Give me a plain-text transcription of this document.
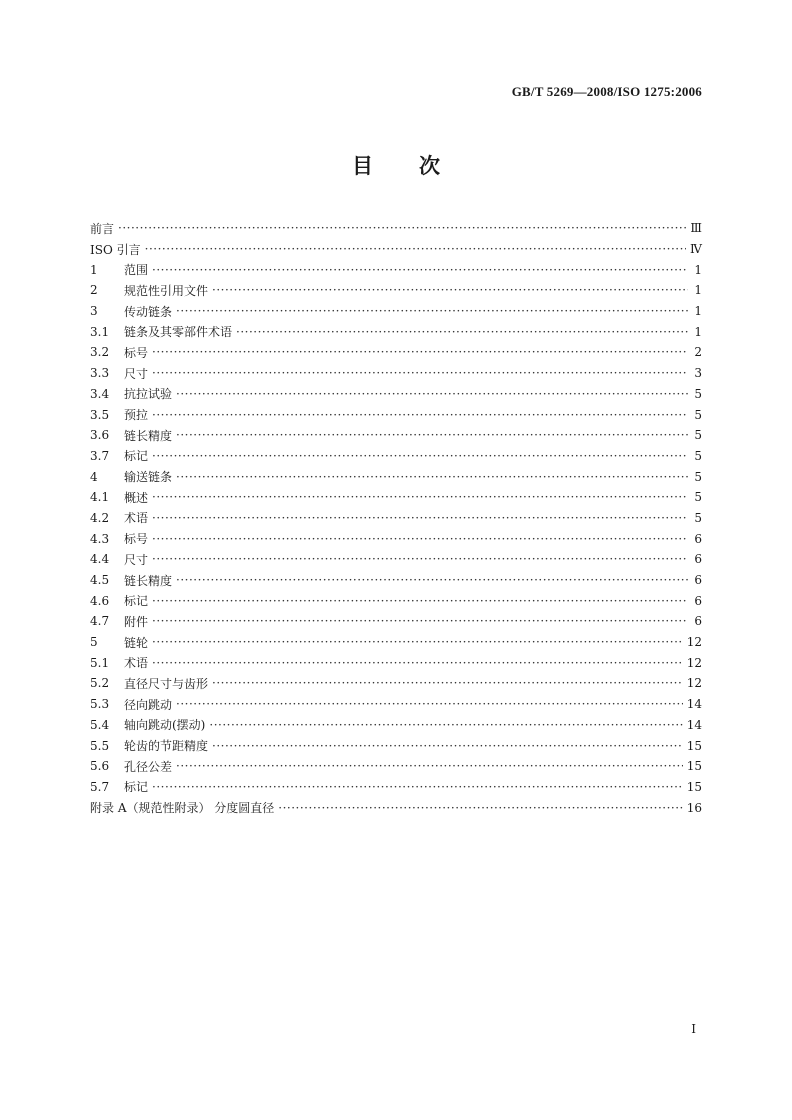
GB/T 5269—2008/ISO 1275:2006
目 次
前言 ·····	Ⅲ
ISO 引言 ·····	Ⅳ
1	范围 ·····	1
2	规范性引用文件 ·····	1
3	传动链条 ·····	1
3.1	链条及其零部件术语 ·····	1
3.2	标号 ·····	2
3.3	尺寸 ·····	3
3.4	抗拉试验 ·····	5
3.5	预拉 ·····	5
3.6	链长精度 ·····	5
3.7	标记 ·····	5
4	输送链条 ·····	5
4.1	概述 ·····	5
4.2	术语 ·····	5
4.3	标号 ·····	6
4.4	尺寸 ·····	6
4.5	链长精度 ·····	6
4.6	标记 ·····	6
4.7	附件 ·····	6
5	链轮 ·····	12
5.1	术语 ·····	12
5.2	直径尺寸与齿形 ·····	12
5.3	径向跳动 ·····	14
5.4	轴向跳动(摆动) ·····	14
5.5	轮齿的节距精度 ·····	15
5.6	孔径公差 ·····	15
5.7	标记 ·····	15
附录 A（规范性附录） 分度圆直径 ·····	16
I
